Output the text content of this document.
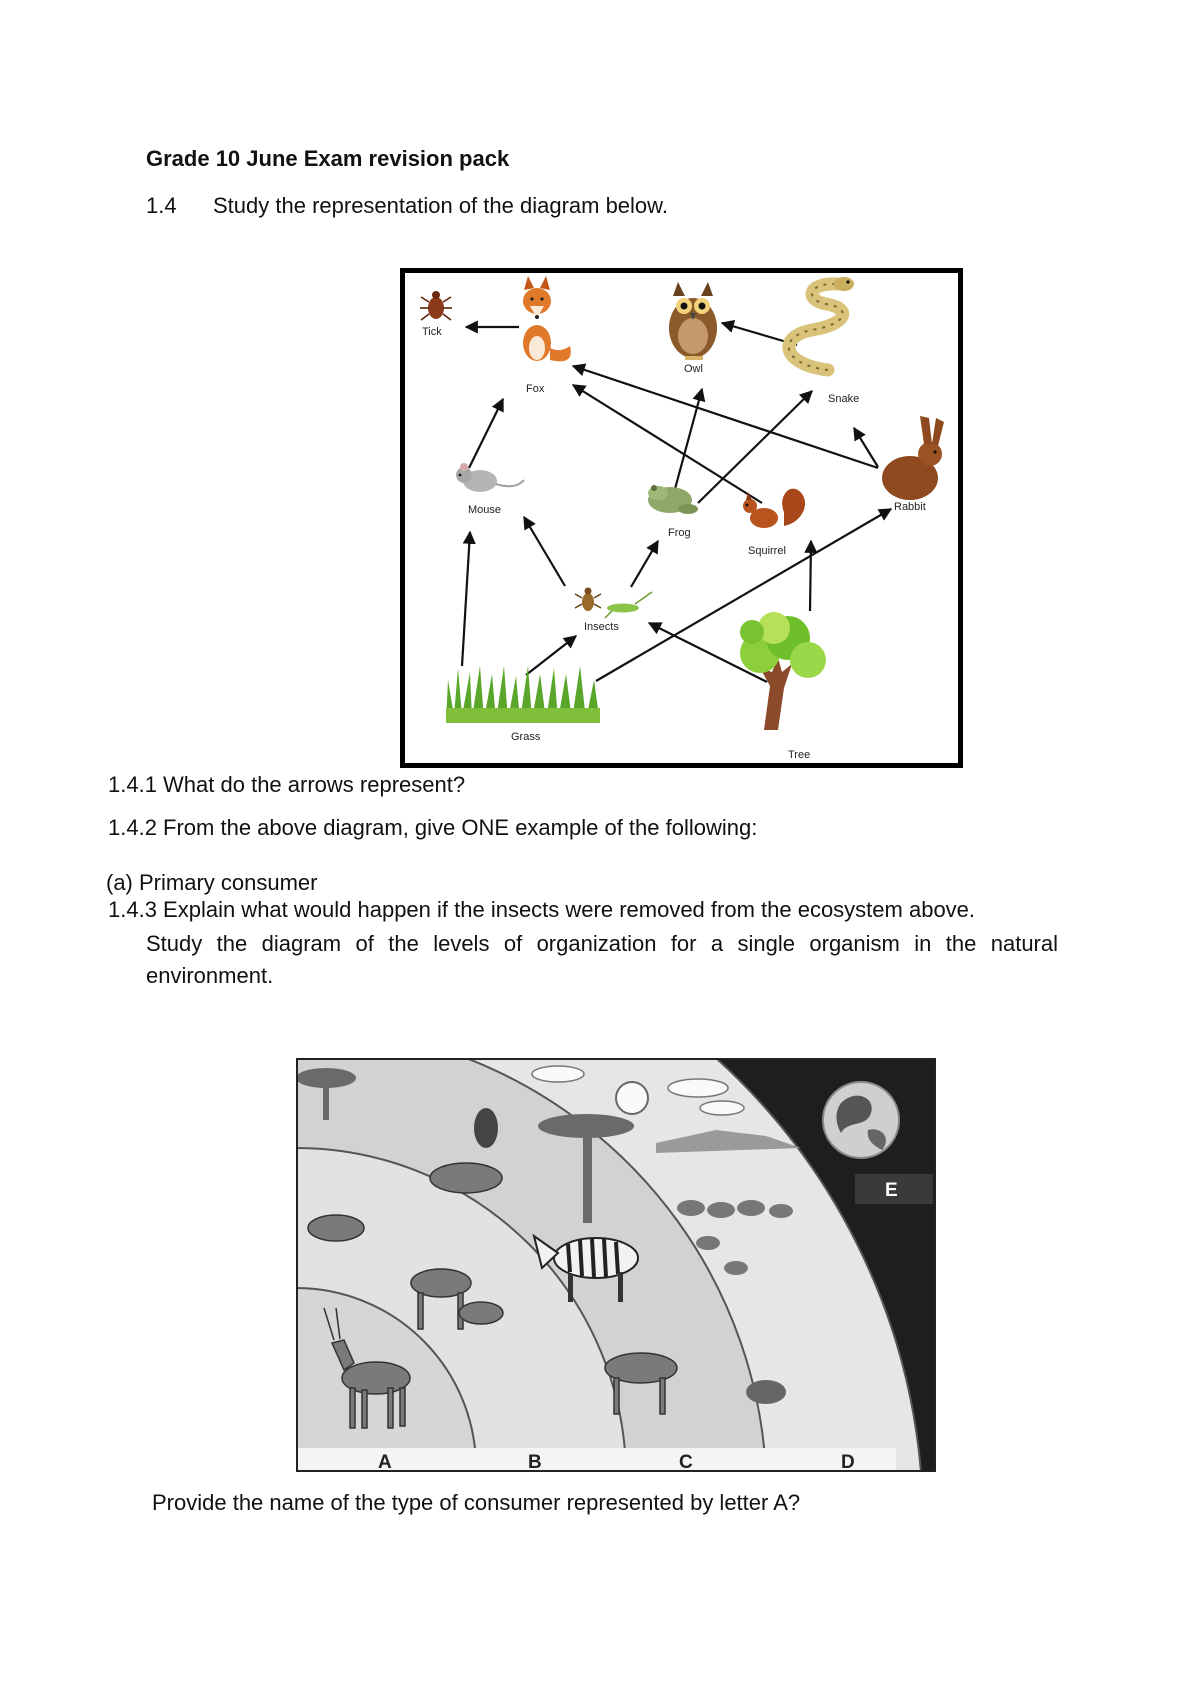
Grade 10 June Exam revision pack
1.4 Study the representation of the diagram below.
Tick
Fox
Owl
Snake
Mouse
Frog
Squirrel
Rabbit
Insects
Grass
Tree
1.4.1 What do the arrows represent?
1.4.2 From the above diagram, give ONE example of the following:
(a) Primary consumer
1.4.3 Explain what would happen if the insects were removed from the ecosystem above.
Study the diagram of the levels of organization for a single organism in the natural environment.
A	B	C	D
E
Provide the name of the type of consumer represented by letter A?
